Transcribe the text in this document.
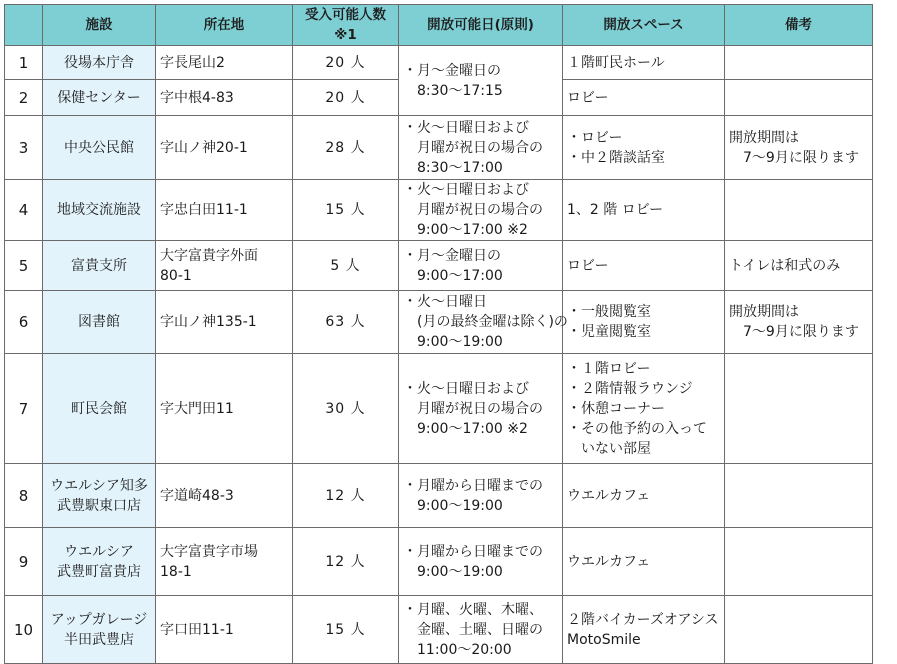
	施設	所在地	受入可能人数※1	開放可能日(原則)	開放スペース	備考
1	役場本庁舎	字長尾山2	20 人	・月～金曜日の
　8:30～17:15	１階町民ホール	

2	保健センター	字中根4-83	20 人		ロビー	

3	中央公民館	字山ノ神20-1	28 人	・火～日曜日および
　月曜が祝日の場合の
　8:30～17:00	・ロビー
・中２階談話室	開放期間は
　7～9月に限ります

4	地域交流施設	字忠白田11-1	15 人	・火～日曜日および
　月曜が祝日の場合の
　9:00～17:00 ※2	1、2 階 ロビー	

5	富貴支所	大字富貴字外面
80-1	5 人	・月～金曜日の
　9:00～17:00	ロビー	トイレは和式のみ

6	図書館	字山ノ神135-1	63 人	・火～日曜日
　(月の最終金曜は除く)の
　9:00～19:00	・一般閲覧室
・児童閲覧室	開放期間は
　7～9月に限ります

7	町民会館	字大門田11	30 人	・火～日曜日および
　月曜が祝日の場合の
　9:00～17:00 ※2	・１階ロビー
・２階情報ラウンジ
・休憩コーナー
・その他予約の入って
　いない部屋	

8	ウエルシア知多
武豊駅東口店	字道崎48-3	12 人	・月曜から日曜までの
　9:00～19:00	ウエルカフェ	

9	ウエルシア
武豊町富貴店	大字富貴字市場
18-1	12 人	・月曜から日曜までの
　9:00～19:00	ウエルカフェ	

10	アップガレージ
半田武豊店	字口田11-1	15 人	・月曜、火曜、木曜、
　金曜、土曜、日曜の
　11:00～20:00	２階バイカーズオアシス
MotoSmile	
